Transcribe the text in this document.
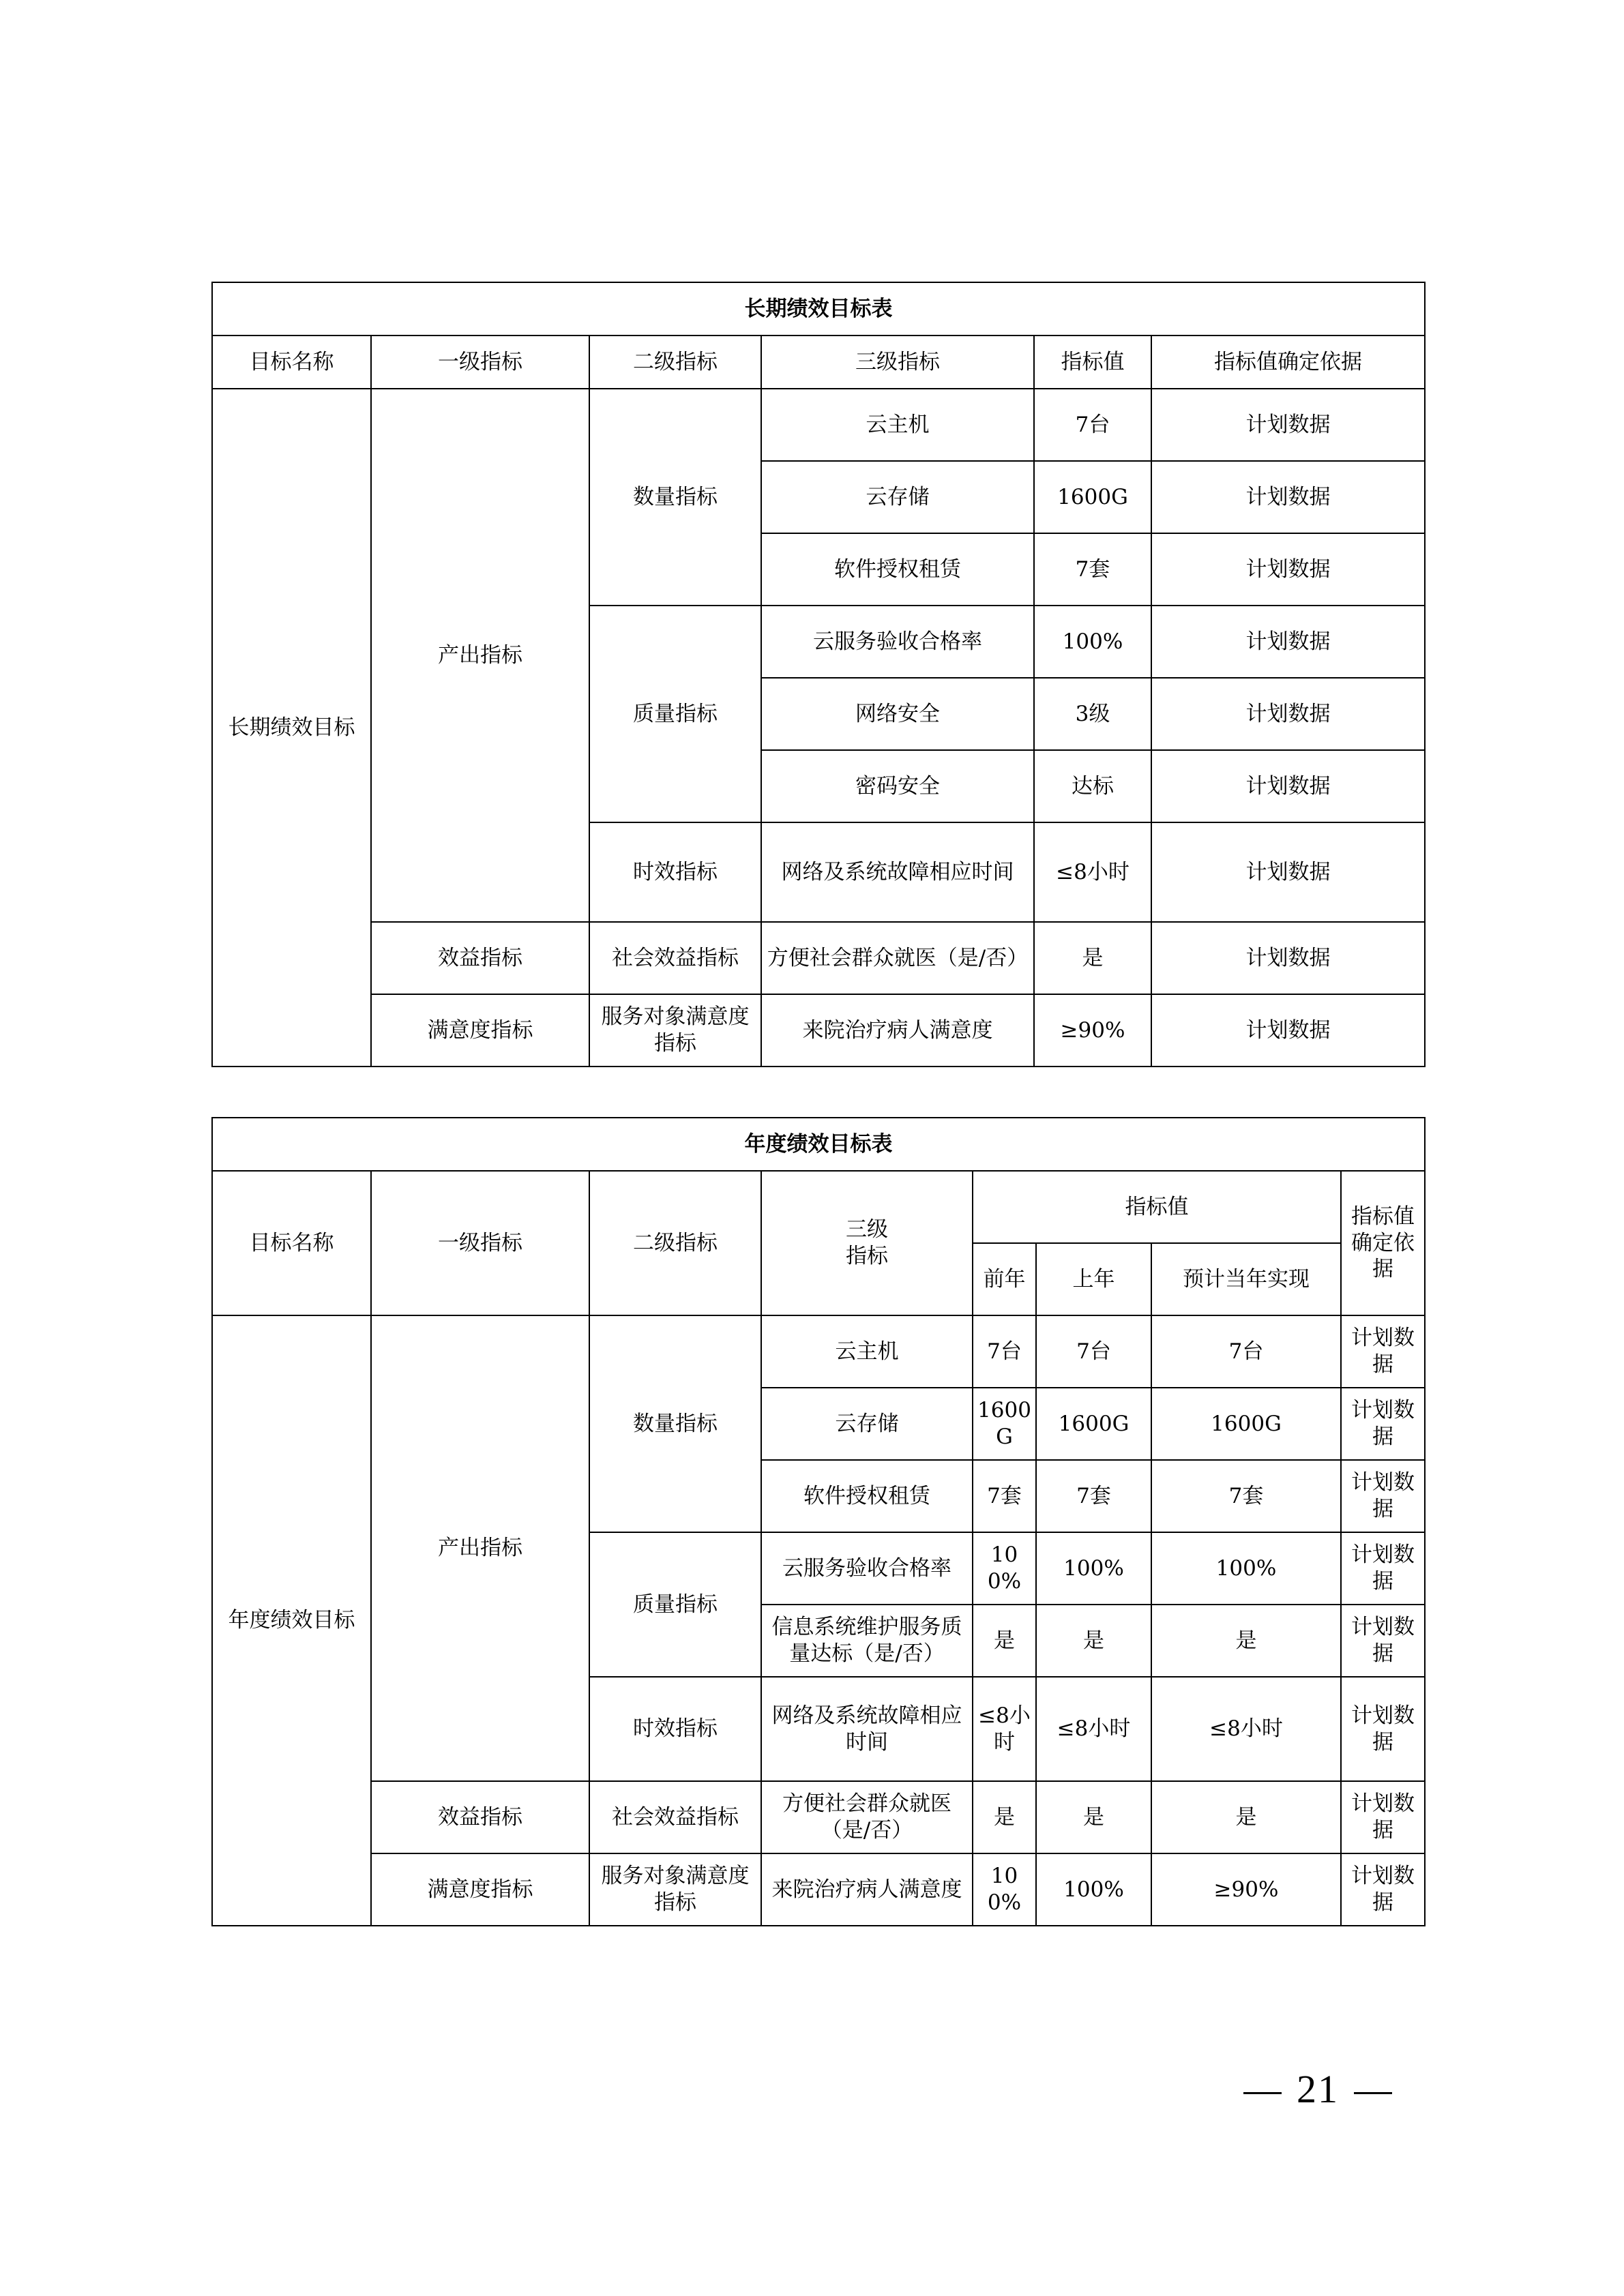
长期绩效目标表					
目标名称	一级指标	二级指标	三级指标	指标值	指标值确定依据
长期绩效目标	产出指标	数量指标	云主机	7台	计划数据
			云存储	1600G	计划数据
			软件授权租赁	7套	计划数据
		质量指标	云服务验收合格率	100%	计划数据
			网络安全	3级	计划数据
			密码安全	达标	计划数据
		时效指标	网络及系统故障相应时间	≤8小时	计划数据
	效益指标	社会效益指标	方便社会群众就医（是/否）	是	计划数据
	满意度指标	服务对象满意度指标	来院治疗病人满意度	≥90%	计划数据
年度绩效目标表							
目标名称	一级指标	二级指标	三级指标	指标值			指标值确定依据
				前年	上年	预计当年实现	
年度绩效目标	产出指标	数量指标	云主机	7台	7台	7台	计划数据
			云存储	1600G	1600G	1600G	计划数据
			软件授权租赁	7套	7套	7套	计划数据
		质量指标	云服务验收合格率	100%	100%	100%	计划数据
			信息系统维护服务质量达标（是/否）	是	是	是	计划数据
		时效指标	网络及系统故障相应时间	≤8小时	≤8小时	≤8小时	计划数据
	效益指标	社会效益指标	方便社会群众就医（是/否）	是	是	是	计划数据
	满意度指标	服务对象满意度指标	来院治疗病人满意度	100%	100%	≥90%	计划数据
21
